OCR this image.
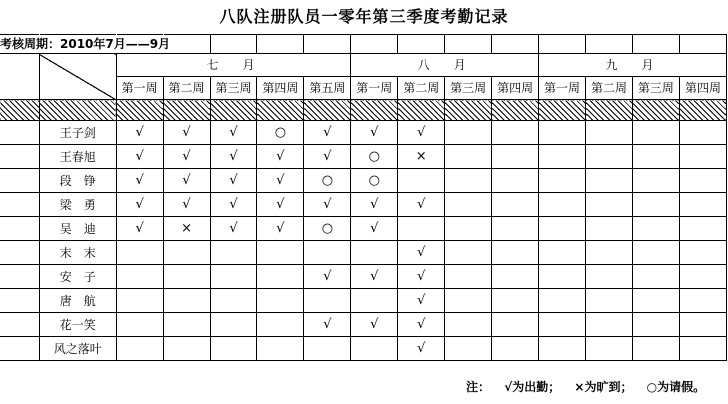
八队注册队员一零年第三季度考勤记录

		七　月					八　月				九　月			
		第一周	第二周	第三周	第四周	第五周	第一周	第二周	第三周	第四周	第一周	第二周	第三周	第四周

	王子剑	√	√	√	○	√	√	√						
	王春旭	√	√	√	√	√	○	×						
	段　铮	√	√	√	√	○	○							
	梁　勇	√	√	√	√	√	√	√						
	吴　迪	√	×	√	√	○	√							
	末　末							√						
	安　子					√	√	√						
	唐　航							√						
	花一笑					√	√	√						
	风之落叶							√						
考核周期：2010年7月——9月
注： √为出勤； ×为旷到； ○为请假。
